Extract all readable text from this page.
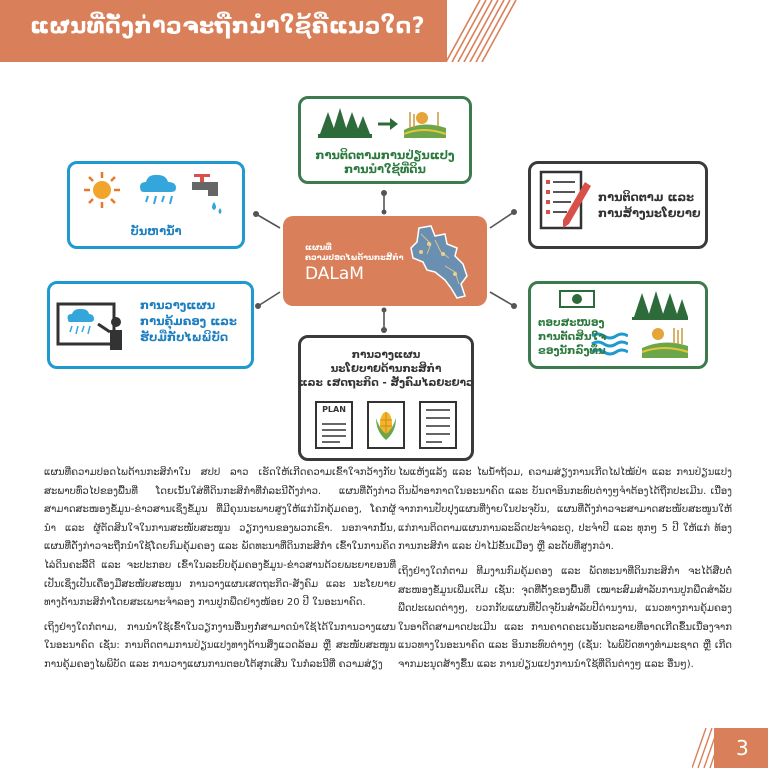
ແຜນທີ່ດັ່ງກ່າວຈະຖືກນໍາໃຊ້ຄືແນວໃດ?
ການຕິດຕາມການປ່ຽນແປງ
ການນໍາໃຊ້ທີ່ດິນ
ບັນຫານໍ້າ
ການວາງແຜນ
ການຄຸ້ມຄອງ ແລະ
ຮັບມືກັບໄພພິບັດ
ການຕິດຕາມ ແລະ
ການສ້າງນະໂຍບາຍ
ຕອບສະໜອງ
ການຕັດສິນໃຈ
ຂອງນັກລົງທຶນ
ການວາງແຜນ
ນະໂຍບາຍດ້ານກະສິກໍາ
ແລະ ເສດຖະກິດ - ສັງຄົມໄລຍະຍາວ
PLAN
ແຜນທີ່
ຄວາມປອດໄພດ້ານກະສິກໍາ
DALaM

ແຜນທີ່ຄວາມປອດໄພດ້ານກະສິກໍາໃນ ສປປ ລາວ ເຮັດໃຫ້ເກີດຄວາມເຂົ້າໃຈກວ້າງກັບສະພາບທົ່ວໄປຂອງພື້ນທີ່ ໂດຍເນັ້ນໃສ່ທີ່ດິນກະສິກໍາທີ່ກໍລະນີດັ່ງກ່າວ. ແຜນທີ່ດັ່ງກ່າວສາມາດສະໜອງຂໍ້ມູນ-ຂ່າວສານເຊິ່ງຂໍ້ມູນ ທີ່ມີຄຸນນະພາບສູງໃຫ້ແກ່ນັກຄຸ້ມຄອງ, ໂຄກຜູ້ນໍາ ແລະ ຜູ້ຕັດສິນໃຈໃນການສະໜັບສະໜູນ ວຽກງານຂອງພວກເຂົາ. ນອກຈາກນັ້ນ, ແຜນທີ່ດັ່ງກ່າວຈະຖືກນໍາໃຊ້ໂດຍກົມຄຸ້ມຄອງ ແລະ ພັດທະນາທີ່ດິນກະສິກໍາ ເຂົ້າໃນການຄິດໄລ່ດິນຄະລີ້ດີ ແລະ ຈະປະກອບ ເຂົ້າໃນລະບົບຄຸ້ມຄອງຂໍ້ມູນ-ຂ່າວສານດ້ວຍພະຍາຍອນທີ່ເປັນເຊິ່ງເປັນເຄື່ອງມືສະໜັບສະໜູນ ການວາງແຜນເສດຖະກິດ-ສັງຄົມ ແລະ ນະໂຍບາຍທາງດ້ານກະສິກໍາໂດຍສະເພາະຈໍາລອງ ການປູກພືດຢ່າງໜ້ອຍ 20 ປີ ໃນອະນາຄົດ.

ເຖິງຢ່າງໃດກໍຕາມ, ການນໍາໃຊ້ເຂົ້າໃນວຽກງານອື່ນໆກໍ່ສາມາດນໍາໃຊ້ໄດ້ໃນການວາງແຜນໃນອະນາຄົດ ເຊັ່ນ: ການຕິດຕາມການປ່ຽນແປງທາງດ້ານສິ່ງແວດລ້ອມ ຫຼື ສະໜັບສະໜູນການຄຸ້ມຄອງໄພພິບັດ ແລະ ການວາງແຜນການຕອບໂຕ້ສຸກເສີນ ໃນກໍລະນີທີ່ ຄວາມສ່ຽງ

ໄພແຫ້ງແລ້ງ ແລະ ໄພນໍ້າຖ້ວມ, ຄວາມສ່ຽງການເກີດໄຟໄໝ້ປ່າ ແລະ ການປ່ຽນແປງດິນຟ້າອາກາດໃນອະນາຄົດ ແລະ ບັນດາອິນກະທົບຕ່າງໆຈໍາຕ້ອງໄດ້ຖືກປະເມີນ. ເນື່ອງຈາກການປັບປຸງແຜນທີ່ງ່າຍໃນປະຈຸບັນ, ແຜນທີ່ດັ່ງກ່າວຈະສາມາດສະໜັບສະໜູນໃຫ້ແກ່ການຕິດຕາມແຜນການລະລິດປະຈໍາລະດູ, ປະຈໍາປີ ແລະ ທຸກໆ 5 ປີ ໃຫ້ແກ່ ທ້ອງການກະສິກໍາ ແລະ ປ່າໄມ້ຂັ້ນເມືອງ ຫຼື ລະດັບທີ່ສູງກວ່າ.

ເຖິງຢ່າງໃດກໍຕາມ ທີມງານກົມຄຸ້ມຄອງ ແລະ ພັດທະນາທີ່ດິນກະສິກໍາ ຈະໄດ້ສືບຕໍ່ສະໜອງຂໍ້ມູນເພີ່ມເຕີມ ເຊັ່ນ: ຈຸດທີ່ຕັ້ງຂອງພື້ນທີ່ ເໝາະສົມສໍາລັບການປູກພືດສໍາລັບພືດປະເພດຕ່າງໆ, ບວກກັບແຜນທີ່ປັດຈຸບັນສໍາລັບປີດ່ານງານ, ແນວທາງການຄຸ້ມຄອງໃນອາດີດສາມາດປະເມີນ ແລະ ການຄາດຄະເນອັນຕະລາຍທີ່ອາດເກີດຂຶ້ນເນື່ອງຈາກແນວທາງໃນອະນາຄົດ ແລະ ອິນກະທົບຕ່າງໆ (ເຊັ່ນ: ໄພພິບັດທາງທໍາມະຊາດ ຫຼື ເກີດຈາກມະນຸດສ້າງຂຶ້ນ ແລະ ການປ່ຽນແປງການນໍາໃຊ້ທີ່ດິນຕ່າງໆ ແລະ ອື່ນໆ).

3
